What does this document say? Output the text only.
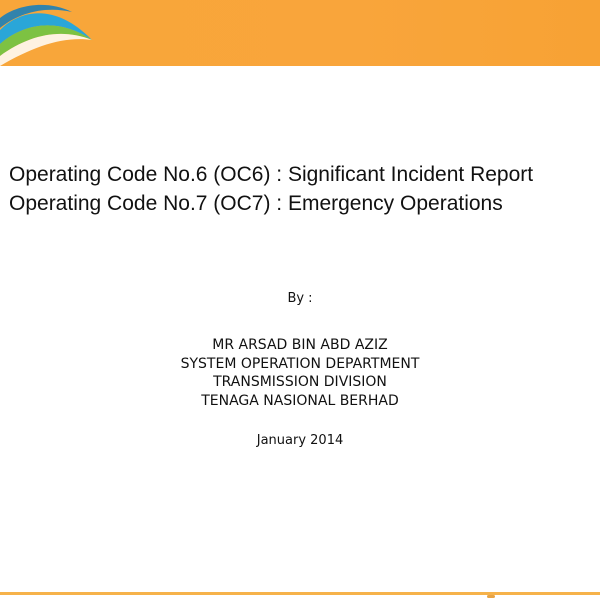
Operating Code No.6 (OC6) : Significant Incident Report
Operating Code No.7 (OC7) : Emergency Operations
By :
MR ARSAD BIN ABD AZIZ
SYSTEM OPERATION DEPARTMENT
TRANSMISSION DIVISION
TENAGA NASIONAL BERHAD
January 2014
